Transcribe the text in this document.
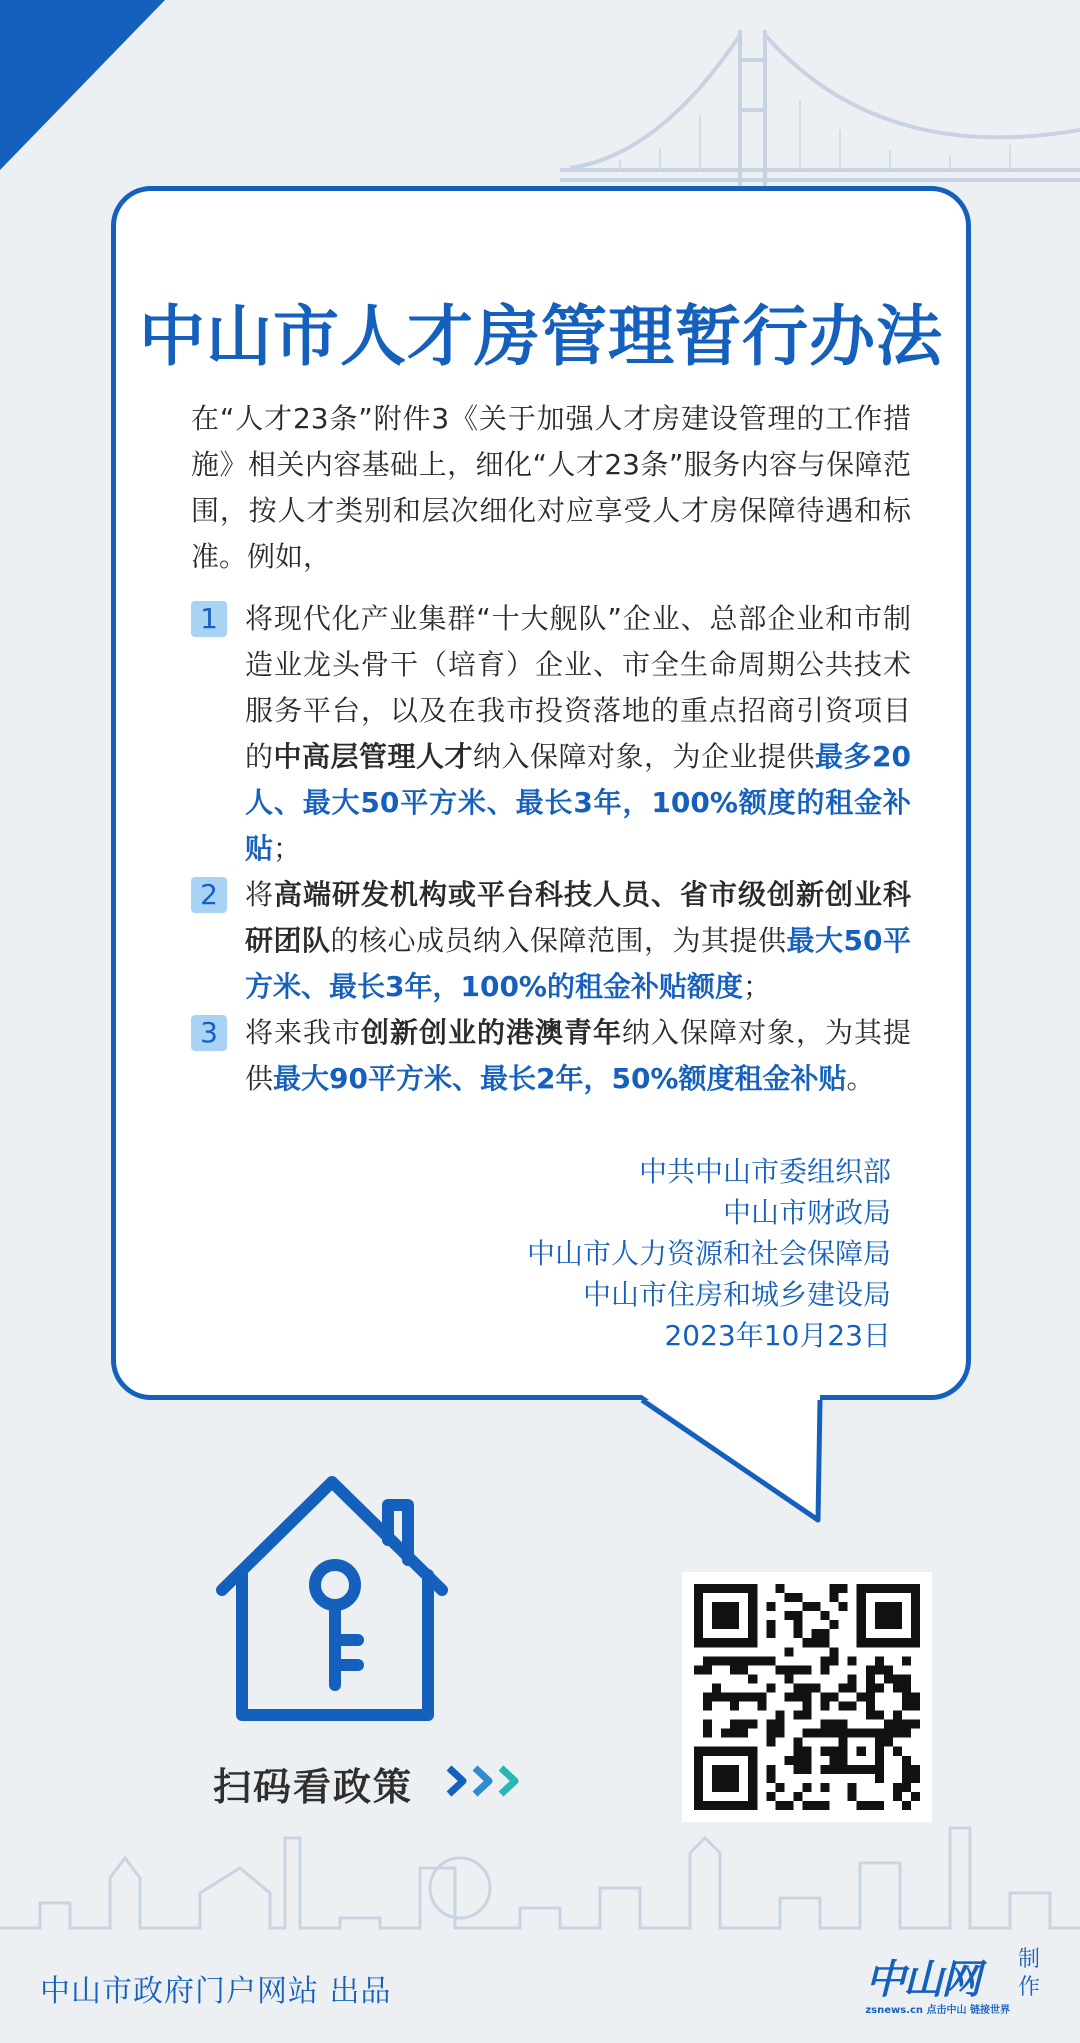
中山市人才房管理暂行办法

在“人才23条”附件3《关于加强人才房建设管理的工作措施》相关内容基础上，细化“人才23条”服务内容与保障范围，按人才类别和层次细化对应享受人才房保障待遇和标准。例如，

1 将现代化产业集群“十大舰队”企业、总部企业和市制造业龙头骨干（培育）企业、市全生命周期公共技术服务平台，以及在我市投资落地的重点招商引资项目的中高层管理人才纳入保障对象，为企业提供最多20人、最大50平方米、最长3年，100%额度的租金补贴；

2 将高端研发机构或平台科技人员、省市级创新创业科研团队的核心成员纳入保障范围，为其提供最大50平方米、最长3年，100%的租金补贴额度；

3 将来我市创新创业的港澳青年纳入保障对象，为其提供最大90平方米、最长2年，50%额度租金补贴。

中共中山市委组织部
中山市财政局
中山市人力资源和社会保障局
中山市住房和城乡建设局
2023年10月23日
扫码看政策
中山市政府门户网站 出品	中山网
zsnews.cn 点击中山 链接世界
制作
